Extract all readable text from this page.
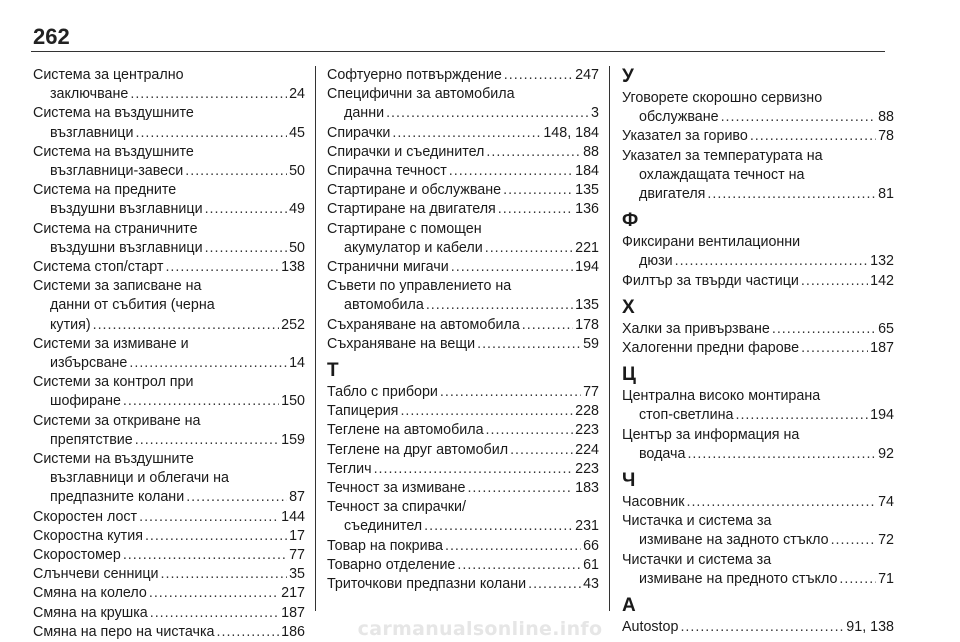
262
Система за централно
заключване .....	24
Система на въздушните
възглавници .....	45
Система на въздушните
възглавници-завеси .....	50
Система на предните
въздушни възглавници .....	49
Система на страничните
въздушни възглавници .....	50
Система стоп/старт .....	138
Системи за записване на
данни от събития (черна
кутия) .....	252
Системи за измиване и
избърсване .....	14
Системи за контрол при
шофиране .....	150
Системи за откриване на
препятствие .....	159
Системи на въздушните
възглавници и облегачи на
предпазните колани .....	87
Скоростен лост .....	144
Скоростна кутия .....	17
Скоростомер .....	77
Слънчеви сенници .....	35
Смяна на колело .....	217
Смяна на крушка .....	187
Смяна на перо на чистачка .....	186
Софтуерно потвърждение .....	247
Специфични за автомобила
данни .....	3
Спирачки .....	148, 184
Спирачки и съединител .....	88
Спирачна течност .....	184
Стартиране и обслужване .....	135
Стартиране на двигателя .....	136
Стартиране с помощен
акумулатор и кабели .....	221
Странични мигачи .....	194
Съвети по управлението на
автомобила .....	135
Съхраняване на автомобила .....	178
Съхраняване на вещи .....	59
Т
Табло с прибори .....	77
Тапицерия .....	228
Теглене на автомобила .....	223
Теглене на друг автомобил .....	224
Теглич .....	223
Течност за измиване .....	183
Течност за спирачки/
съединител .....	231
Товар на покрива .....	66
Товарно отделение .....	61
Триточкови предпазни колани .....	43
У
Уговорете скорошно сервизно
обслужване .....	88
Указател за гориво .....	78
Указател за температурата на
охлаждащата течност на
двигателя .....	81
Ф
Фиксирани вентилационни
дюзи .....	132
Филтър за твърди частици .....	142
Х
Халки за привързване .....	65
Халогенни предни фарове .....	187
Ц
Централна високо монтирана
стоп-светлина .....	194
Център за информация на
водача .....	92
Ч
Часовник .....	74
Чистачка и система за
измиване на задното стъкло .....	72
Чистачки и система за
измиване на предното стъкло .....	71
A
Autostop .....	91, 138
carmanualsonline.info
